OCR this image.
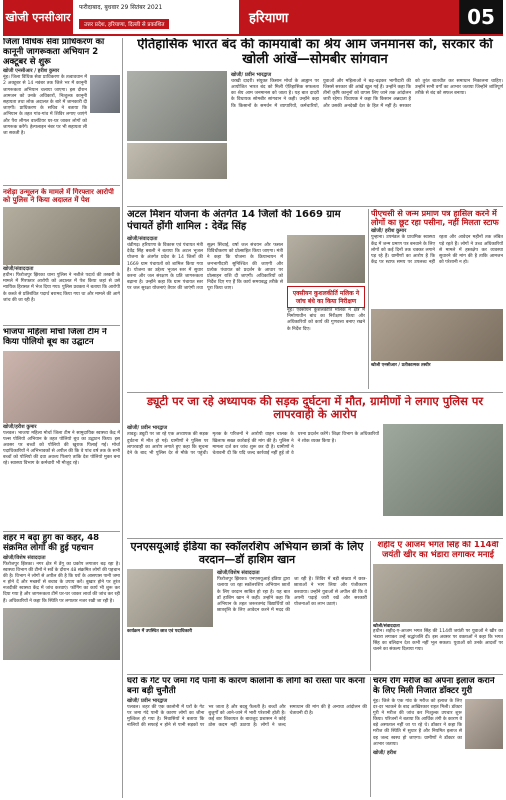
खोजी एनसीआर
फरीदाबाद, बुधवार 29 सितंबर 2021
उत्तर प्रदेश, हरियाणा, दिल्ली से प्रकाशित	हरियाणा	05
जिला विधिक सेवा प्राधिकरण का कानूनी जागरूकता अभियान 2 अक्टूबर से शुरू
खोजी एनसीआर / हरीश कुमार
नूंह। जिला विधिक सेवा प्राधिकरण के तत्वावधान में 2 अक्टूबर से 14 नवंबर तक जिले भर में कानूनी जागरूकता अभियान चलाया जाएगा। इस दौरान आमजन को उनके अधिकारों, निःशुल्क कानूनी सहायता तथा लोक अदालत के बारे में जानकारी दी जाएगी। प्राधिकरण के सचिव ने बताया कि अभियान के तहत गांव-गांव में शिविर लगाए जाएंगे और पैरा लीगल वालंटियर घर-घर जाकर लोगों को जागरूक करेंगे। हेल्पलाइन नंबर पर भी सहायता ली जा सकती है।
नशेड़ा उन्मूलन के मामले में गिरफ्तार आरोपी को पुलिस ने किया अदालत में पेश
खोजी/संवाददाता
हथीन। फिरोजपुर झिरका थाना पुलिस ने नशीले पदार्थ की तस्करी के मामले में गिरफ्तार आरोपी को अदालत में पेश किया जहां से उसे न्यायिक हिरासत में भेज दिया गया। पुलिस प्रवक्ता ने बताया कि आरोपी के कब्जे से प्रतिबंधित पदार्थ बरामद किया गया था और मामले की आगे जांच की जा रही है।
भाजपा महिला मोर्चा जिला टीम ने किया पोलियो बूथ का उद्घाटन
खोजी/हरीश कुमार
पलवल। भाजपा महिला मोर्चा जिला टीम ने सामुदायिक स्वास्थ्य केंद्र में पल्स पोलियो अभियान के तहत पोलियो बूथ का उद्घाटन किया। इस अवसर पर बच्चों को पोलियो की खुराक पिलाई गई। मोर्चा पदाधिकारियों ने अभिभावकों से अपील की कि वे पांच वर्ष तक के सभी बच्चों को पोलियो की दवा अवश्य पिलाएं ताकि देश पोलियो मुक्त बना रहे। स्वास्थ्य विभाग के कर्मचारी भी मौजूद रहे।
शहर में बढ़ा हुंग का कहर, 48 संक्रमित लोगों की हुई पहचान
खोजी/विशेष संवाददाता
फिरोजपुर झिरका। नगर क्षेत्र में डेंगू का प्रकोप लगातार बढ़ रहा है। स्वास्थ्य विभाग की टीमों ने सर्वे के दौरान 48 संक्रमित लोगों की पहचान की है। विभाग ने लोगों से अपील की है कि घरों के आसपास पानी जमा न होने दें और मच्छरों से बचाव के उपाय करें। बुखार होने पर तुरंत नजदीकी स्वास्थ्य केंद्र में जांच करवाएं। फॉगिंग का कार्य भी शुरू कर दिया गया है और जागरूकता टीमें घर-घर जाकर लार्वा की जांच कर रही हैं। अधिकारियों ने कहा कि स्थिति पर लगातार नजर रखी जा रही है।
ऐतिहासिक भारत बंद की कामयाबी का श्रेय आम जनमानस को, सरकार की खोली आंखें—सोमबीर सांगवान
खोजी/ प्रवीन भारद्वाज
चरखी दादरी। संयुक्त किसान मोर्चा के आह्वान पर आयोजित भारत बंद को मिली ऐतिहासिक सफलता का श्रेय आम जनमानस को जाता है। यह बात दादरी के विधायक सोमबीर सांगवान ने कही। उन्होंने कहा कि किसानों के समर्थन में व्यापारियों, कर्मचारियों, युवाओं और महिलाओं ने बढ़-चढ़कर भागीदारी की जिससे सरकार की आंखें खुल गई हैं। उन्होंने कहा कि तीनों कृषि कानूनों को वापस लिए जाने तक आंदोलन जारी रहेगा। विधायक ने कहा कि किसान अन्नदाता है और उसकी अनदेखी देश के हित में नहीं है। सरकार को तुरंत बातचीत कर समाधान निकालना चाहिए। उन्होंने सभी वर्गों का आभार जताया जिन्होंने शांतिपूर्ण तरीके से बंद को सफल बनाया।
अटल मिशन योजना के अंतर्गत 14 जिलों की 1669 ग्राम पंचायतें होंगी शामिल : देवेंद्र सिंह
खोजी/संवाददाता
चंडीगढ़। हरियाणा के विकास एवं पंचायत मंत्री देवेंद्र सिंह बबली ने बताया कि अटल भूजल योजना के अंतर्गत प्रदेश के 14 जिलों की 1669 ग्राम पंचायतों को शामिल किया गया है। योजना का उद्देश्य भूजल स्तर में सुधार करना और जल संरक्षण के प्रति जागरूकता बढ़ाना है। उन्होंने कहा कि ग्राम पंचायत स्तर पर जल सुरक्षा योजनाएं तैयार की जाएंगी तथा सूक्ष्म सिंचाई, वर्षा जल संचयन और फसल विविधीकरण को प्रोत्साहित किया जाएगा। मंत्री ने कहा कि योजना के क्रियान्वयन में जनभागीदारी सुनिश्चित की जाएगी और प्रत्येक पंचायत को प्रदर्शन के आधार पर प्रोत्साहन राशि दी जाएगी। अधिकारियों को निर्देश दिए गए हैं कि कार्य समयबद्ध तरीके से पूरा किया जाए।
एक्सीयन कुशलकीर्ति मलिक ने जांच बंधे का किया निरीक्षण
नूंह। एक्सीयन कुशलकीर्ति मलिक ने क्षेत्र में निर्माणाधीन बांध का निरीक्षण किया और अधिकारियों को कार्य की गुणवत्ता बनाए रखने के निर्देश दिए।
पीएचसी से जन्म प्रमाण पत्र हासिल करने में लोगों का छूट रहा पसीना, नहीं मिलता स्टाफ
खोजी/ हरीश कुमार
पुन्हाना। उपमंडल के प्राथमिक स्वास्थ्य केंद्र में जन्म प्रमाण पत्र बनवाने के लिए लोगों को कई दिनों तक चक्कर लगाने पड़ रहे हैं। ग्रामीणों का आरोप है कि केंद्र पर स्टाफ समय पर उपलब्ध नहीं रहता और आवेदन महीनों तक लंबित पड़े रहते हैं। लोगों ने उच्च अधिकारियों से मामले में हस्तक्षेप कर व्यवस्था सुधारने की मांग की है ताकि आमजन को परेशानी न हो।
खोजी एनसीआर / प्रतीकात्मक तस्वीर
ड्यूटी पर जा रहे अध्यापक की सड़क दुर्घटना में मौत, ग्रामीणों ने लगाए पुलिस पर लापरवाही के आरोप
खोजी/ प्रवीन भारद्वाज
तावडू। ड्यूटी पर जा रहे एक अध्यापक की सड़क दुर्घटना में मौत हो गई। ग्रामीणों ने पुलिस पर लापरवाही का आरोप लगाते हुए कहा कि सूचना देने के बाद भी पुलिस देर से मौके पर पहुंची। मृतक के परिजनों ने आरोपी वाहन चालक के खिलाफ सख्त कार्रवाई की मांग की है। पुलिस ने मामला दर्ज कर जांच शुरू कर दी है। ग्रामीणों ने चेतावनी दी कि यदि जल्द कार्रवाई नहीं हुई तो वे धरना प्रदर्शन करेंगे। शिक्षा विभाग के अधिकारियों ने शोक व्यक्त किया है।
एनएसयूआई इंडिया का स्कॉलरशिप अभियान छात्रों के लिए वरदान—डॉ हाशिम खान
कार्यक्रम में उपस्थित छात्र एवं पदाधिकारी
खोजी/विशेष संवाददाता
फिरोजपुर झिरका। एनएसयूआई इंडिया द्वारा चलाया जा रहा स्कॉलरशिप अभियान छात्रों के लिए वरदान साबित हो रहा है। यह बात डॉ हाशिम खान ने कही। उन्होंने कहा कि अभियान के तहत जरूरतमंद विद्यार्थियों को छात्रवृत्ति के लिए आवेदन करने में मदद की जा रही है। शिविर में बड़ी संख्या में छात्र-छात्राओं ने भाग लिया और पंजीकरण करवाया। उन्होंने युवाओं से अपील की कि वे अपनी पढ़ाई जारी रखें और सरकारी योजनाओं का लाभ उठाएं।
शहीद ए आजम भगत सिंह की 114वीं जयंती खीर का भंडारा लगाकर मनाई
खोजी/संवाददाता
हथीन। शहीद-ए-आजम भगत सिंह की 114वीं जयंती पर युवाओं ने खीर का भंडारा लगाकर उन्हें श्रद्धांजलि दी। इस अवसर पर वक्ताओं ने कहा कि भगत सिंह का बलिदान देश कभी नहीं भूल सकता। युवाओं को उनके आदर्शों पर चलने का संकल्प दिलाया गया।
घरों के गेट पर जमा गंदे पानी के कारण कालोनी के लोगों को रास्ता पार करना बना बड़ी चुनौती
खोजी/ प्रवीन भारद्वाज
पलवल। शहर की एक कालोनी में घरों के गेट पर जमा गंदे पानी के कारण लोगों का जीना मुश्किल हो गया है। निवासियों ने बताया कि नालियों की सफाई न होने से पानी सड़कों पर भर जाता है और बदबू फैलती है। बच्चों और बुजुर्गों को आने-जाने में भारी परेशानी होती है। कई बार शिकायत के बावजूद प्रशासन ने कोई ठोस कदम नहीं उठाया है। लोगों ने जल्द समाधान की मांग की है अन्यथा आंदोलन की चेतावनी दी है।
चरम रोग मरीज को अपना इलाज कराने के लिए मिली निजात डॉक्टर गुरी
नूंह। जिले के एक गांव के मरीज को इलाज के लिए दर-दर भटकने के बाद आखिरकार राहत मिली। डॉक्टर गुरी ने मरीज की जांच कर निःशुल्क उपचार शुरू किया। परिजनों ने बताया कि आर्थिक तंगी के कारण वे बड़े अस्पताल नहीं जा पा रहे थे। डॉक्टर ने कहा कि मरीज की स्थिति में सुधार है और नियमित इलाज से वह जल्द स्वस्थ हो जाएगा। ग्रामीणों ने डॉक्टर का आभार जताया।
खोजी/ हरीश
